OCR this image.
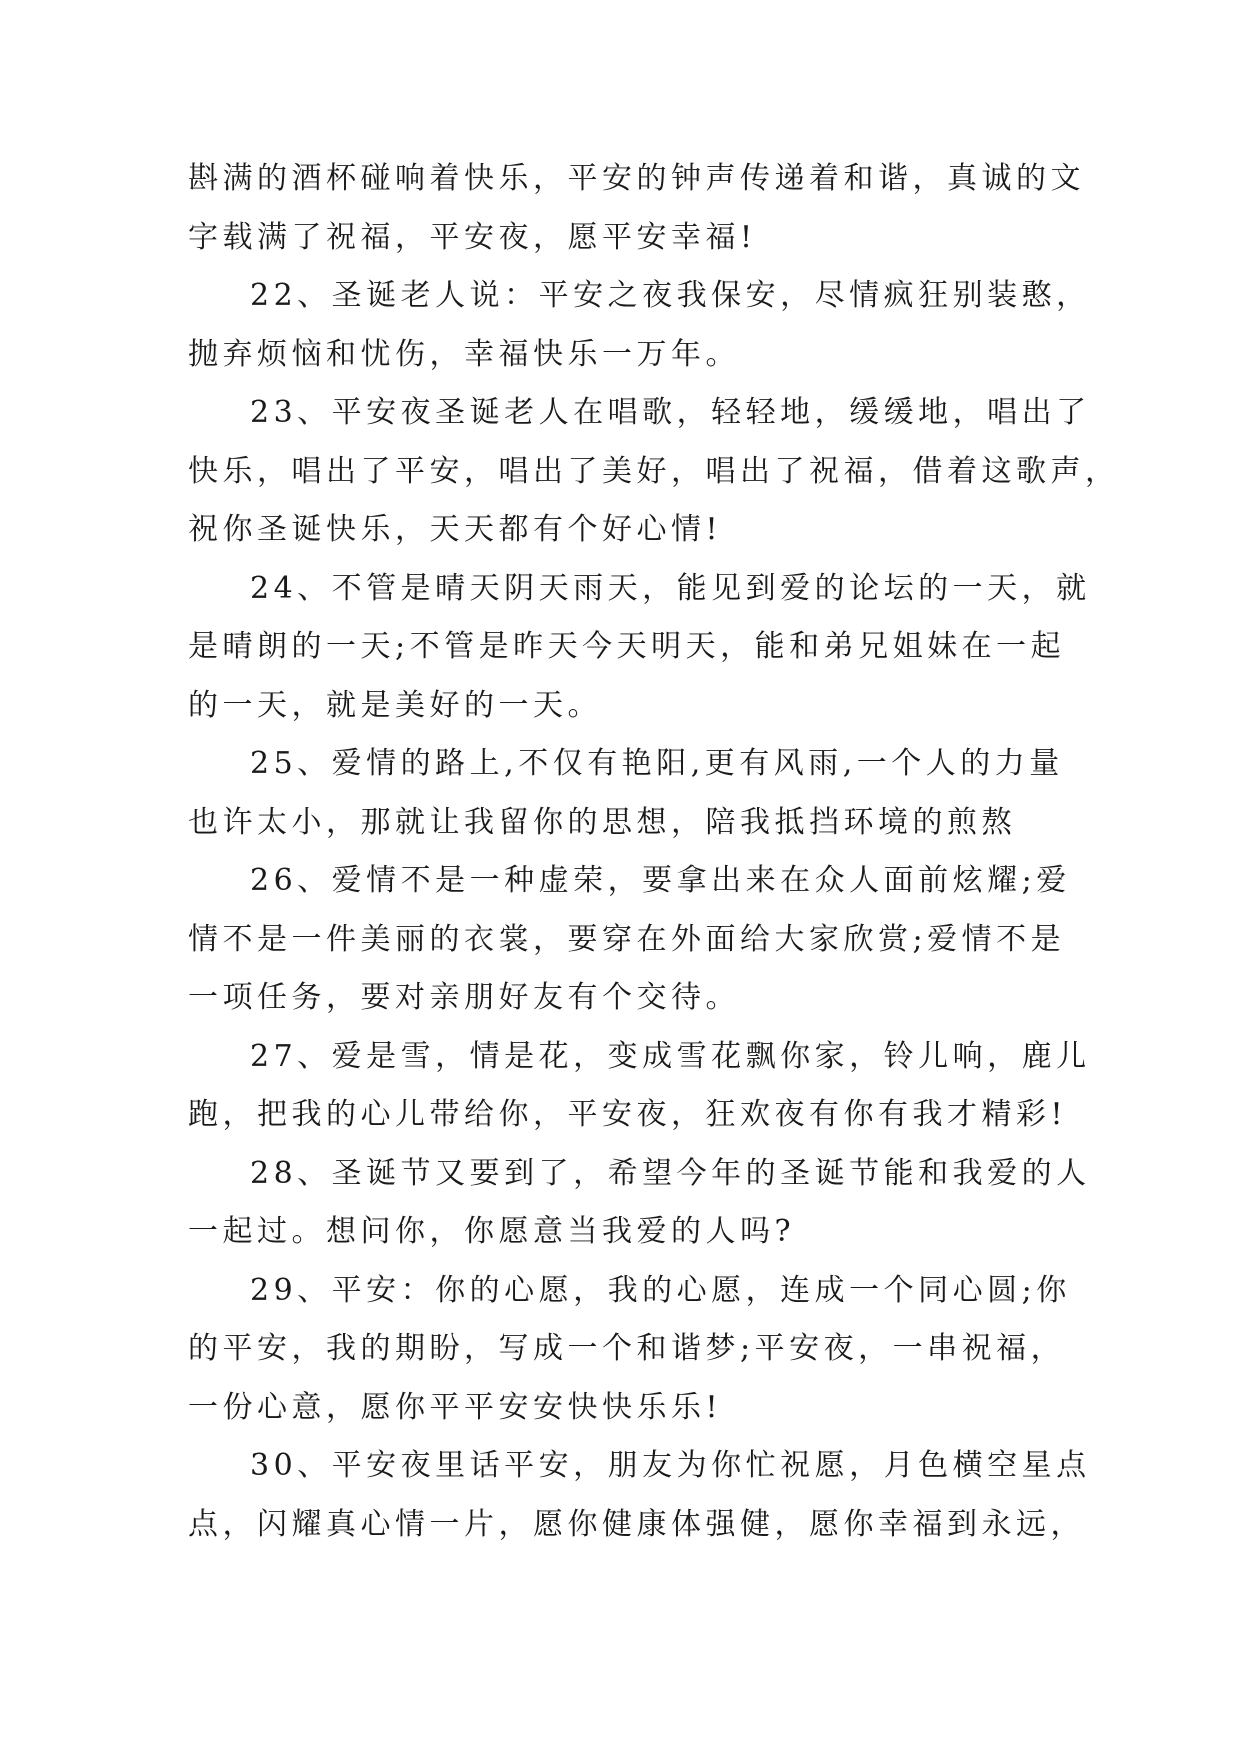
斟满的酒杯碰响着快乐，平安的钟声传递着和谐，真诚的文
字载满了祝福，平安夜，愿平安幸福!

22、圣诞老人说：平安之夜我保安，尽情疯狂别装憨，
抛弃烦恼和忧伤，幸福快乐一万年。

23、平安夜圣诞老人在唱歌，轻轻地，缓缓地，唱出了
快乐，唱出了平安，唱出了美好，唱出了祝福，借着这歌声，
祝你圣诞快乐，天天都有个好心情!

24、不管是晴天阴天雨天，能见到爱的论坛的一天，就
是晴朗的一天;不管是昨天今天明天，能和弟兄姐妹在一起
的一天，就是美好的一天。

25、爱情的路上,不仅有艳阳,更有风雨,一个人的力量
也许太小，那就让我留你的思想，陪我抵挡环境的煎熬

26、爱情不是一种虚荣，要拿出来在众人面前炫耀;爱
情不是一件美丽的衣裳，要穿在外面给大家欣赏;爱情不是
一项任务，要对亲朋好友有个交待。

27、爱是雪，情是花，变成雪花飘你家，铃儿响，鹿儿
跑，把我的心儿带给你，平安夜，狂欢夜有你有我才精彩!

28、圣诞节又要到了，希望今年的圣诞节能和我爱的人
一起过。想问你，你愿意当我爱的人吗?

29、平安：你的心愿，我的心愿，连成一个同心圆;你
的平安，我的期盼，写成一个和谐梦;平安夜，一串祝福，
一份心意，愿你平平安安快快乐乐!

30、平安夜里话平安，朋友为你忙祝愿，月色横空星点
点，闪耀真心情一片，愿你健康体强健，愿你幸福到永远，
